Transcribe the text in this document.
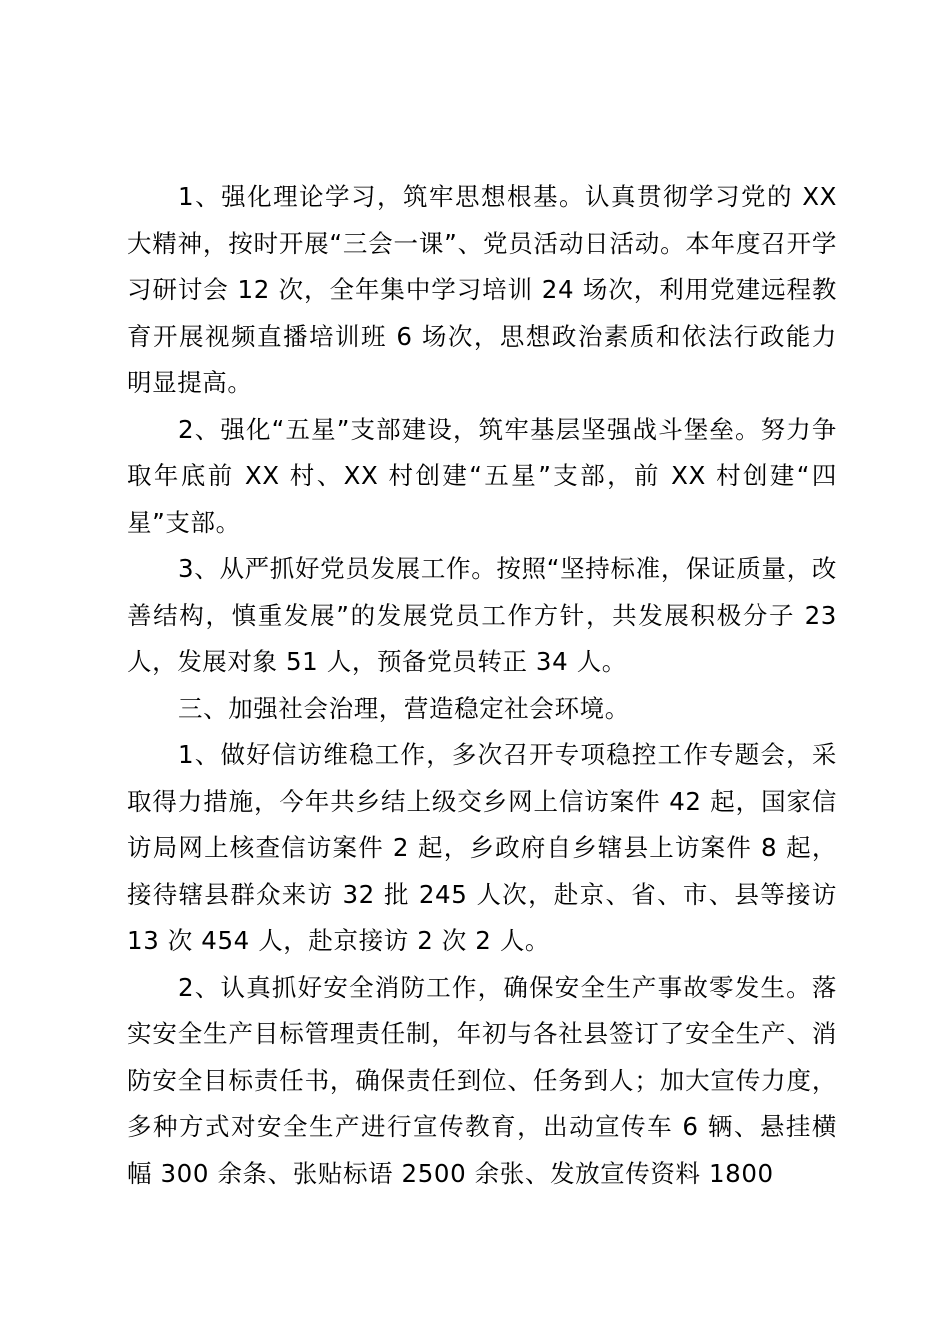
1、强化理论学习，筑牢思想根基。认真贯彻学习党的 XX 大精神，按时开展“三会一课”、党员活动日活动。本年度召开学习研讨会 12 次，全年集中学习培训 24 场次，利用党建远程教育开展视频直播培训班 6 场次，思想政治素质和依法行政能力明显提高。

2、强化“五星”支部建设，筑牢基层坚强战斗堡垒。努力争取年底前 XX 村、XX 村创建“五星”支部，前 XX 村创建“四星”支部。

3、从严抓好党员发展工作。按照“坚持标准，保证质量，改善结构，慎重发展”的发展党员工作方针，共发展积极分子 23 人，发展对象 51 人，预备党员转正 34 人。

三、加强社会治理，营造稳定社会环境。

1、做好信访维稳工作，多次召开专项稳控工作专题会，采取得力措施，今年共乡结上级交乡网上信访案件 42 起，国家信访局网上核查信访案件 2 起，乡政府自乡辖县上访案件 8 起，接待辖县群众来访 32 批 245 人次，赴京、省、市、县等接访 13 次 454 人，赴京接访 2 次 2 人。

2、认真抓好安全消防工作，确保安全生产事故零发生。落实安全生产目标管理责任制，年初与各社县签订了安全生产、消防安全目标责任书，确保责任到位、任务到人；加大宣传力度，多种方式对安全生产进行宣传教育，出动宣传车 6 辆、悬挂横幅 300 余条、张贴标语 2500 余张、发放宣传资料 1800
